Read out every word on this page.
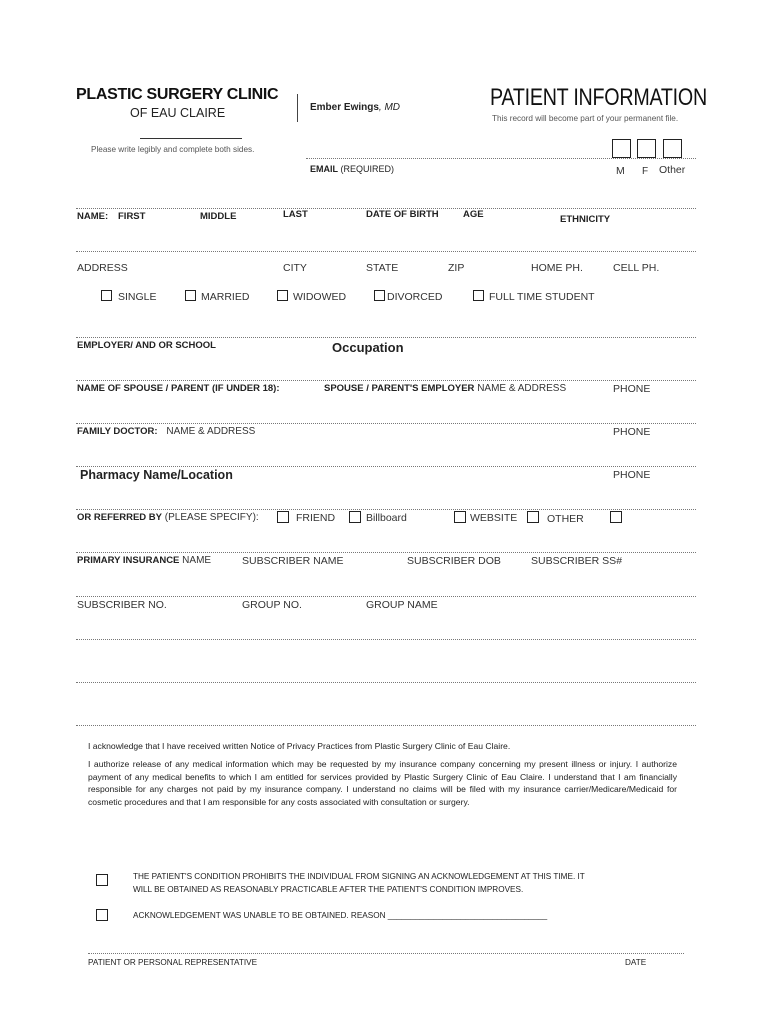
PLASTIC SURGERY CLINIC
OF EAU CLAIRE	Ember Ewings, MD	PATIENT INFORMATION
This record will become part of your permanent file.
Please write legibly and complete both sides.
EMAIL (REQUIRED)	M F Other
NAME: FIRST	MIDDLE	LAST	DATE OF BIRTH	AGE	ETHNICITY
ADDRESS	CITY	STATE	ZIP	HOME PH.	CELL PH.
SINGLE	MARRIED	WIDOWED	DIVORCED	FULL TIME STUDENT
EMPLOYER/ AND OR SCHOOL	Occupation
NAME OF SPOUSE / PARENT (IF UNDER 18):	SPOUSE / PARENT'S EMPLOYER NAME & ADDRESS	PHONE
FAMILY DOCTOR: NAME & ADDRESS	PHONE
Pharmacy Name/Location	PHONE
OR REFERRED BY (PLEASE SPECIFY):	FRIEND	Billboard	WEBSITE	OTHER
PRIMARY INSURANCE NAME	SUBSCRIBER NAME	SUBSCRIBER DOB	SUBSCRIBER SS#
SUBSCRIBER NO.	GROUP NO.	GROUP NAME

I acknowledge that I have received written Notice of Privacy Practices from Plastic Surgery Clinic of Eau Claire.

I authorize release of any medical information which may be requested by my insurance company concerning my present illness or injury. I authorize payment of any medical benefits to which I am entitled for services provided by Plastic Surgery Clinic of Eau Claire. I understand that I am financially responsible for any charges not paid by my insurance company. I understand no claims will be filed with my insurance carrier/Medicare/Medicaid for cosmetic procedures and that I am responsible for any costs associated with consultation or surgery.

THE PATIENT'S CONDITION PROHIBITS THE INDIVIDUAL FROM SIGNING AN ACKNOWLEDGEMENT AT THIS TIME. IT
WILL BE OBTAINED AS REASONABLY PRACTICABLE AFTER THE PATIENT'S CONDITION IMPROVES.
ACKNOWLEDGEMENT WAS UNABLE TO BE OBTAINED. REASON ___________________________________
PATIENT OR PERSONAL REPRESENTATIVE	DATE
